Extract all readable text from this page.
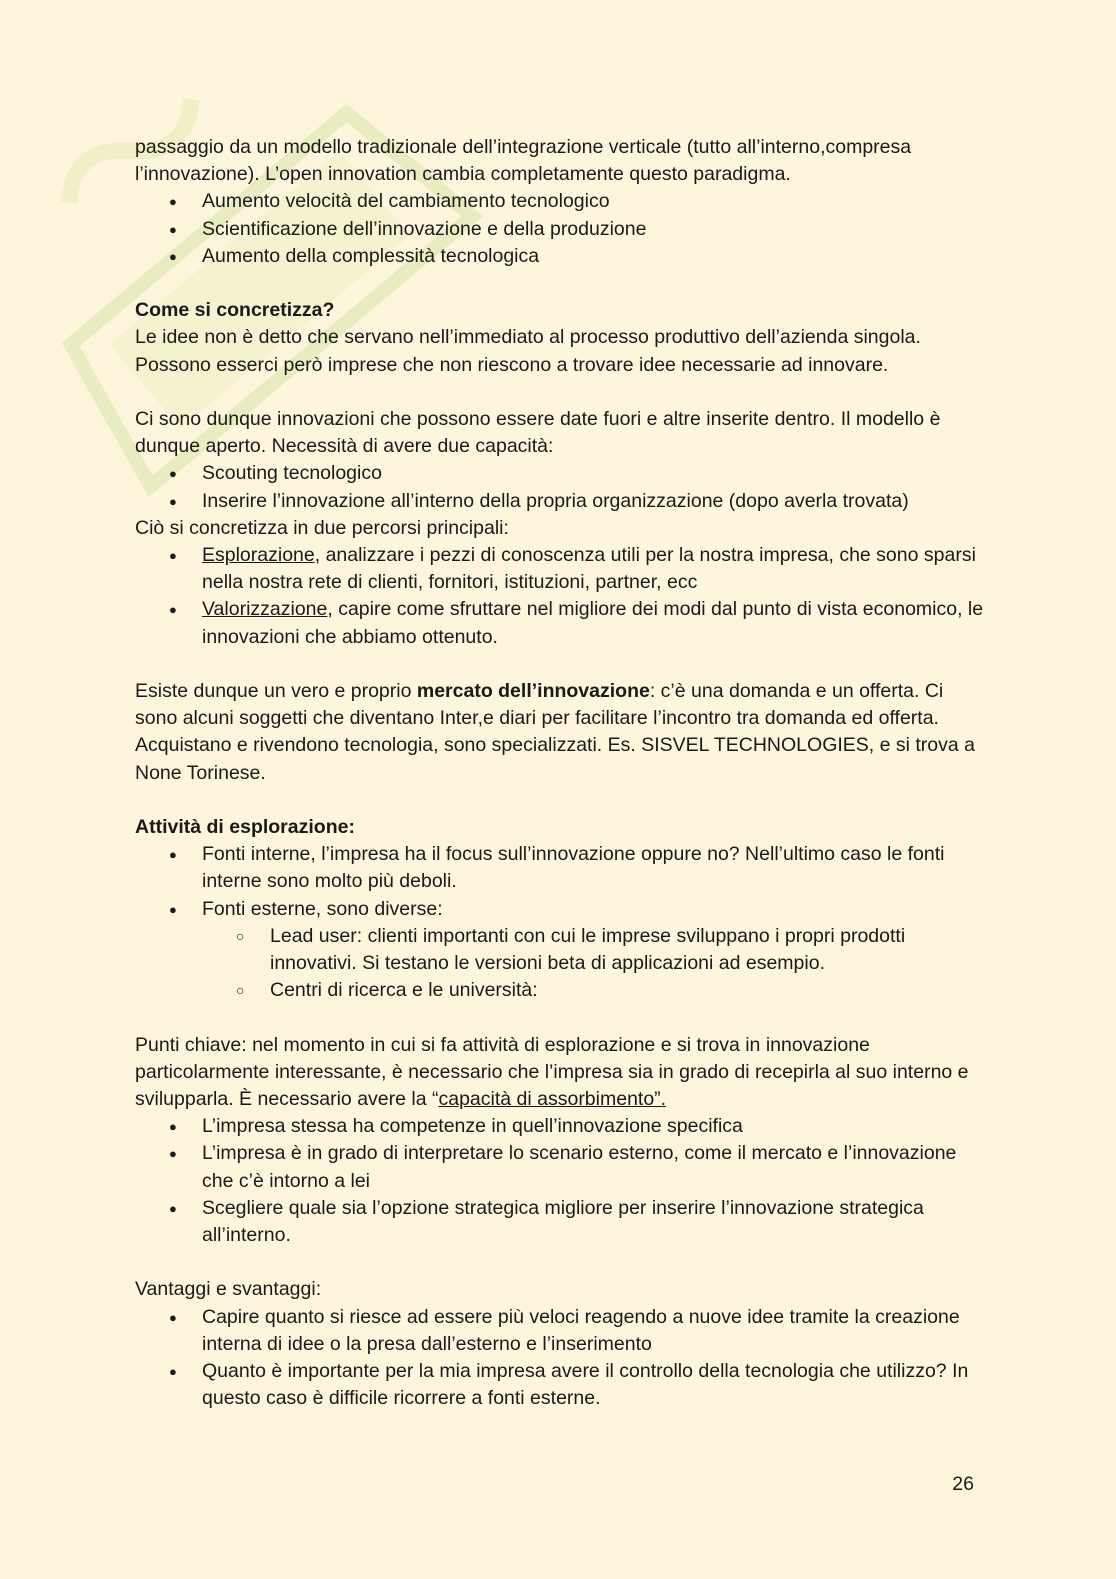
passaggio da un modello tradizionale dell’integrazione verticale (tutto all’interno,compresa l’innovazione). L’open innovation cambia completamente questo paradigma.

● Aumento velocità del cambiamento tecnologico
● Scientificazione dell’innovazione e della produzione
● Aumento della complessità tecnologica

Come si concretizza?

Le idee non è detto che servano nell’immediato al processo produttivo dell’azienda singola. Possono esserci però imprese che non riescono a trovare idee necessarie ad innovare.

Ci sono dunque innovazioni che possono essere date fuori e altre inserite dentro. Il modello è dunque aperto. Necessità di avere due capacità:

● Scouting tecnologico
● Inserire l’innovazione all’interno della propria organizzazione (dopo averla trovata)

Ciò si concretizza in due percorsi principali:

● Esplorazione, analizzare i pezzi di conoscenza utili per la nostra impresa, che sono sparsi nella nostra rete di clienti, fornitori, istituzioni, partner, ecc
● Valorizzazione, capire come sfruttare nel migliore dei modi dal punto di vista economico, le innovazioni che abbiamo ottenuto.

Esiste dunque un vero e proprio mercato dell’innovazione: c’è una domanda e un offerta. Ci sono alcuni soggetti che diventano Inter,e diari per facilitare l’incontro tra domanda ed offerta. Acquistano e rivendono tecnologia, sono specializzati. Es. SISVEL TECHNOLOGIES, e si trova a None Torinese.

Attività di esplorazione:

● Fonti interne, l’impresa ha il focus sull’innovazione oppure no? Nell’ultimo caso le fonti interne sono molto più deboli.
● Fonti esterne, sono diverse:
○ Lead user: clienti importanti con cui le imprese sviluppano i propri prodotti innovativi. Si testano le versioni beta di applicazioni ad esempio.
○ Centri di ricerca e le università:

Punti chiave: nel momento in cui si fa attività di esplorazione e si trova in innovazione particolarmente interessante, è necessario che l’impresa sia in grado di recepirla al suo interno e svilupparla. È necessario avere la “capacità di assorbimento”.

● L’impresa stessa ha competenze in quell’innovazione specifica
● L’impresa è in grado di interpretare lo scenario esterno, come il mercato e l’innovazione che c’è intorno a lei
● Scegliere quale sia l’opzione strategica migliore per inserire l’innovazione strategica all’interno.

Vantaggi e svantaggi:

● Capire quanto si riesce ad essere più veloci reagendo a nuove idee tramite la creazione interna di idee o la presa dall’esterno e l’inserimento
● Quanto è importante per la mia impresa avere il controllo della tecnologia che utilizzo? In questo caso è difficile ricorrere a fonti esterne.
26
